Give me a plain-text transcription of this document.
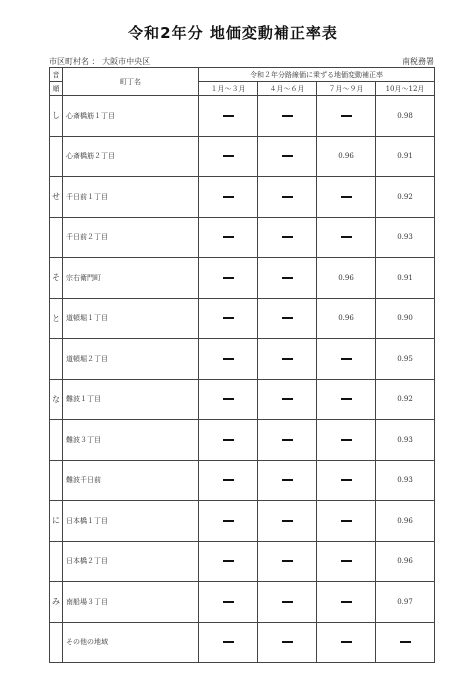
令和2年分 地価変動補正率表
市区町村名 ： 大阪市中央区	南税務署
音	町丁名	令和２年分路線価に乗ずる地価変動補正率			
順		１月～３月	４月～６月	７月～９月	10月～12月
し	心斎橋筋１丁目				0.98
	心斎橋筋２丁目			0.96	0.91
せ	千日前１丁目				0.92
	千日前２丁目				0.93
そ	宗右衛門町			0.96	0.91
と	道頓堀１丁目			0.96	0.90
	道頓堀２丁目				0.95
な	難波１丁目				0.92
	難波３丁目				0.93
	難波千日前				0.93
に	日本橋１丁目				0.96
	日本橋２丁目				0.96
み	南船場３丁目				0.97
	その他の地域				
